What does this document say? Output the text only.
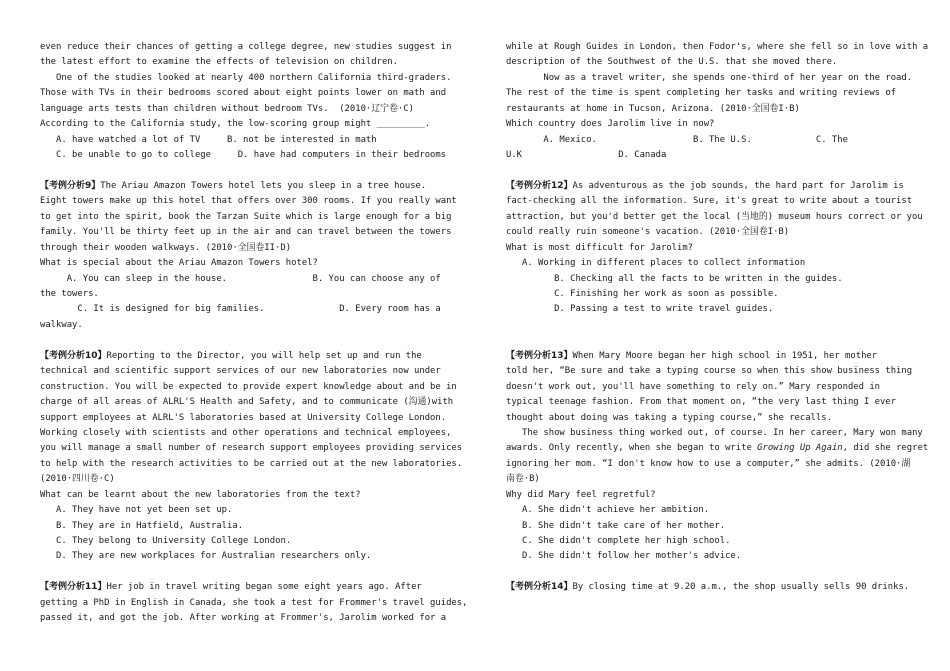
even reduce their chances of getting a college degree, new studies suggest in
the latest effort to examine the effects of television on children.
One of the studies looked at nearly 400 northern California third-graders.
Those with TVs in their bedrooms scored about eight points lower on math and
language arts tests than children without bedroom TVs.  (2010·辽宁卷·C)
According to the California study, the low-scoring group might _________.
A. have watched a lot of TV     B. not be interested in math
C. be unable to go to college     D. have had computers in their bedrooms
【考例分析9】The Ariau Amazon Towers hotel lets you sleep in a tree house.
Eight towers make up this hotel that offers over 300 rooms. If you really want
to get into the spirit, book the Tarzan Suite which is large enough for a big
family. You'll be thirty feet up in the air and can travel between the towers
through their wooden walkways. (2010·全国卷II·D)
What is special about the Ariau Amazon Towers hotel?
A. You can sleep in the house.                B. You can choose any of
the towers.
C. It is designed for big families.              D. Every room has a
walkway.
【考例分析10】Reporting to the Director, you will help set up and run the
technical and scientific support services of our new laboratories now under
construction. You will be expected to provide expert knowledge about and be in
charge of all areas of ALRL'S Health and Safety, and to communicate (沟通)with
support employees at ALRL'S laboratories based at University College London.
Working closely with scientists and other operations and technical employees,
you will manage a small number of research support employees providing services
to help with the research activities to be carried out at the new laboratories.
(2010·四川卷·C)
What can be learnt about the new laboratories from the text?
A. They have not yet been set up.
B. They are in Hatfield, Australia.
C. They belong to University College London.
D. They are new workplaces for Australian researchers only.
【考例分析11】Her job in travel writing began some eight years ago. After
getting a PhD in English in Canada, she took a test for Frommer's travel guides,
passed it, and got the job. After working at Frommer's, Jarolim worked for a
while at Rough Guides in London, then Fodor's, where she fell so in love with a
description of the Southwest of the U.S. that she moved there.
Now as a travel writer, she spends one-third of her year on the road.
The rest of the time is spent completing her tasks and writing reviews of
restaurants at home in Tucson, Arizona. (2010·全国卷I·B)
Which country does Jarolim live in now?
A. Mexico.                  B. The U.S.            C. The
U.K                  D. Canada
【考例分析12】As adventurous as the job sounds, the hard part for Jarolim is
fact-checking all the information. Sure, it's great to write about a tourist
attraction, but you'd better get the local (当地的) museum hours correct or you
could really ruin someone's vacation. (2010·全国卷I·B)
What is most difficult for Jarolim?
A. Working in different places to collect information
B. Checking all the facts to be written in the guides.
C. Finishing her work as soon as possible.
D. Passing a test to write travel guides.
【考例分析13】When Mary Moore began her high school in 1951, her mother
told her, “Be sure and take a typing course so when this show business thing
doesn't work out, you'll have something to rely on.” Mary responded in
typical teenage fashion. From that moment on, “the very last thing I ever
thought about doing was taking a typing course,” she recalls.
The show business thing worked out, of course. In her career, Mary won many
awards. Only recently, when she began to write Growing Up Again, did she regret
ignoring her mom. “I don't know how to use a computer,” she admits. (2010·湖
南卷·B)
Why did Mary feel regretful?
A. She didn't achieve her ambition.
B. She didn't take care of her mother.
C. She didn't complete her high school.
D. She didn't follow her mother's advice.
【考例分析14】By closing time at 9.20 a.m., the shop usually sells 90 drinks.
